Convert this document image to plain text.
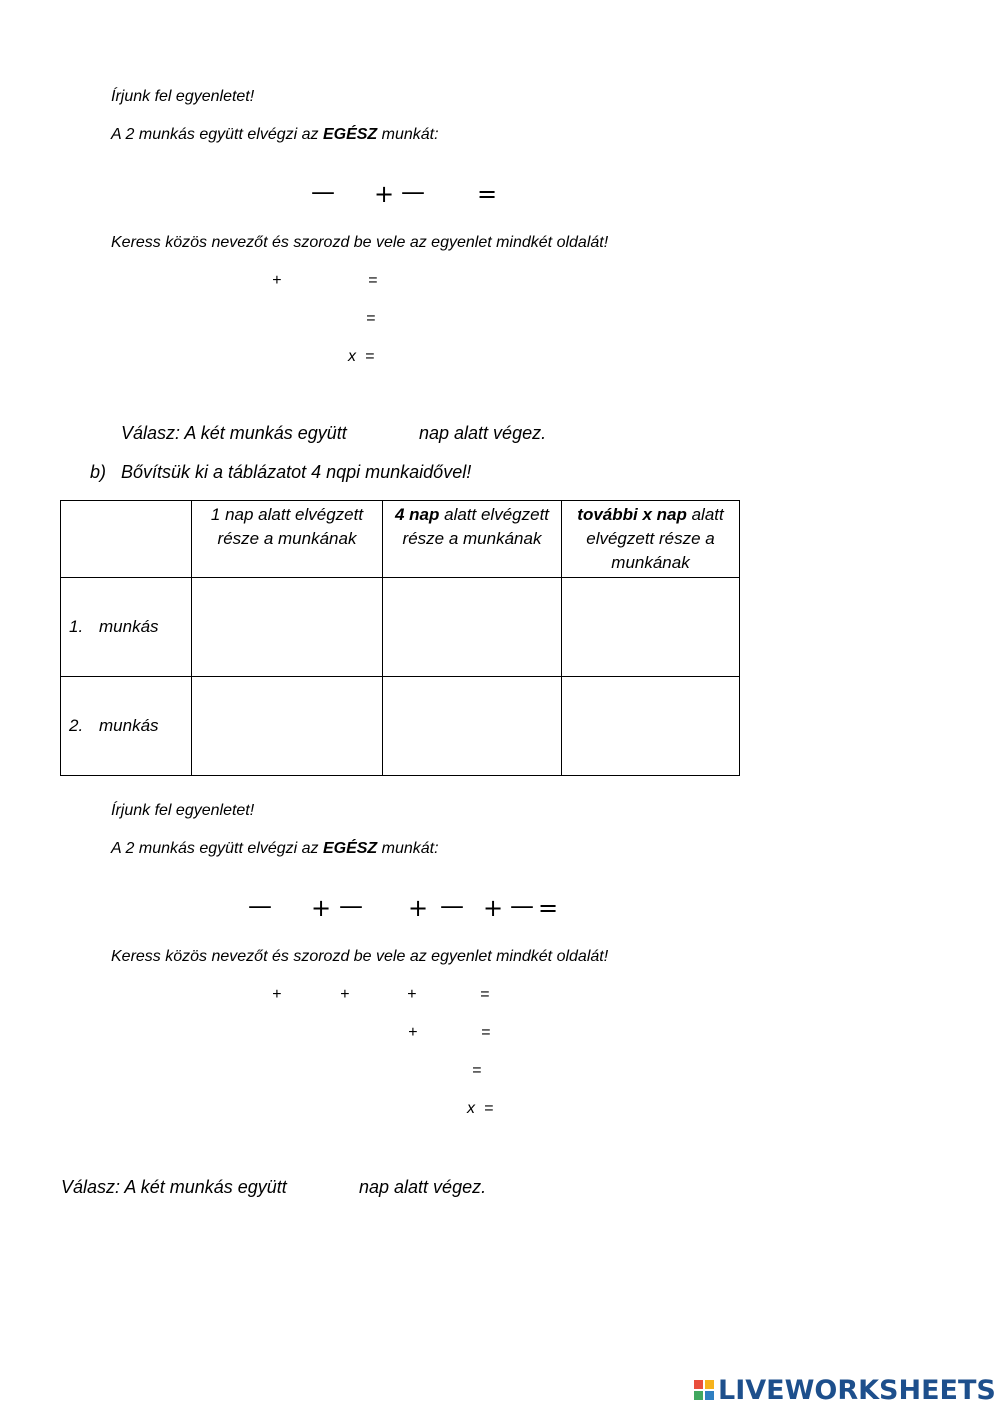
Írjunk fel egyenletet!
A 2 munkás együtt elvégzi az EGÉSZ munkát:
— + — =
Keress közös nevezőt és szorozd be vele az egyenlet mindkét oldalát!
+	=
=
x =
Válasz: A két munkás együtt	nap alatt végez.
b) Bővítsük ki a táblázatot 4 nqpi munkaidővel!
	1 nap alatt elvégzett része a munkának	4 nap alatt elvégzett része a munkának	további x nap alatt elvégzett része a munkának
1. munkás			
2. munkás			
Írjunk fel egyenletet!
A 2 munkás együtt elvégzi az EGÉSZ munkát:
— + — + — + — =
Keress közös nevezőt és szorozd be vele az egyenlet mindkét oldalát!
+	+	+	=
+	=
=
x =
Válasz: A két munkás együtt	nap alatt végez.
LIVEWORKSHEETS
